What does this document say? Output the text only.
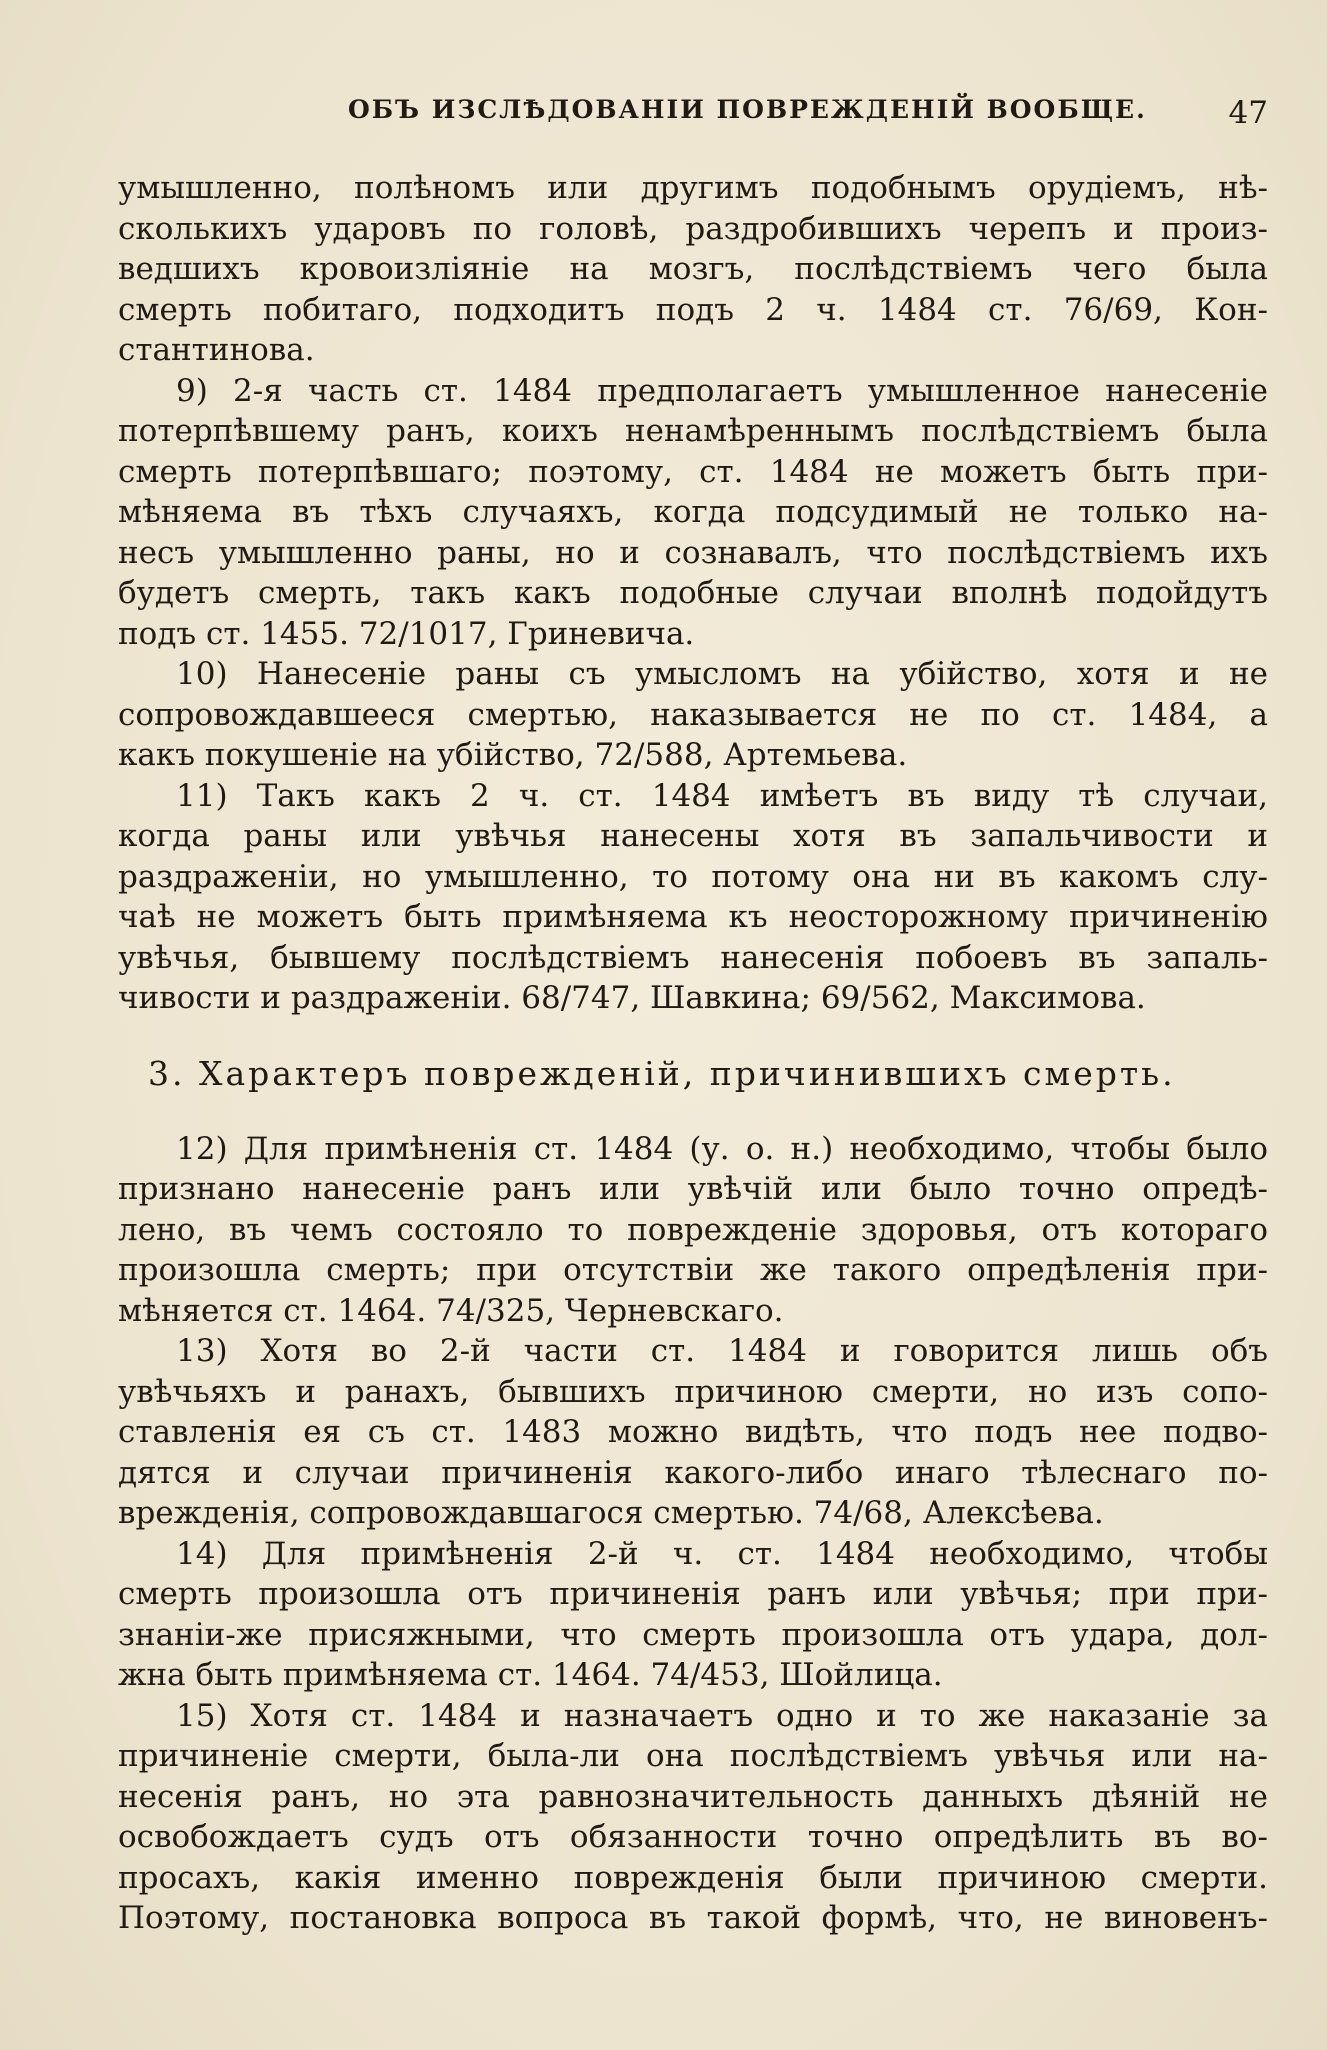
ОБЪ ИЗСЛѢДОВАНІИ ПОВРЕЖДЕНІЙ ВООБЩЕ.	47
умышленно, полѣномъ или другимъ подобнымъ орудіемъ, нѣ-
сколькихъ ударовъ по головѣ, раздробившихъ черепъ и произ-
ведшихъ кровоизліяніе на мозгъ, послѣдствіемъ чего была
смерть побитаго, подходитъ подъ 2 ч. 1484 ст. 76/69, Кон-
стантинова.
9) 2-я часть ст. 1484 предполагаетъ умышленное нанесеніе
потерпѣвшему ранъ, коихъ ненамѣреннымъ послѣдствіемъ была
смерть потерпѣвшаго; поэтому, ст. 1484 не можетъ быть при-
мѣняема въ тѣхъ случаяхъ, когда подсудимый не только на-
несъ умышленно раны, но и сознавалъ, что послѣдствіемъ ихъ
будетъ смерть, такъ какъ подобные случаи вполнѣ подойдутъ
подъ ст. 1455. 72/1017, Гриневича.
10) Нанесеніе раны съ умысломъ на убійство, хотя и не
сопровождавшееся смертью, наказывается не по ст. 1484, а
какъ покушеніе на убійство, 72/588, Артемьева.
11) Такъ какъ 2 ч. ст. 1484 имѣетъ въ виду тѣ случаи,
когда раны или увѣчья нанесены хотя въ запальчивости и
раздраженіи, но умышленно, то потому она ни въ какомъ слу-
чаѣ не можетъ быть примѣняема къ неосторожному причиненію
увѣчья, бывшему послѣдствіемъ нанесенія побоевъ въ запаль-
чивости и раздраженіи. 68/747, Шавкина; 69/562, Максимова.
3. Характеръ поврежденій, причинившихъ смерть.
12) Для примѣненія ст. 1484 (у. о. н.) необходимо, чтобы было
признано нанесеніе ранъ или увѣчій или было точно опредѣ-
лено, въ чемъ состояло то поврежденіе здоровья, отъ котораго
произошла смерть; при отсутствіи же такого опредѣленія при-
мѣняется ст. 1464. 74/325, Черневскаго.
13) Хотя во 2-й части ст. 1484 и говорится лишь объ
увѣчьяхъ и ранахъ, бывшихъ причиною смерти, но изъ сопо-
ставленія ея съ ст. 1483 можно видѣть, что подъ нее подво-
дятся и случаи причиненія какого-либо инаго тѣлеснаго по-
врежденія, сопровождавшагося смертью. 74/68, Алексѣева.
14) Для примѣненія 2-й ч. ст. 1484 необходимо, чтобы
смерть произошла отъ причиненія ранъ или увѣчья; при при-
знаніи-же присяжными, что смерть произошла отъ удара, дол-
жна быть примѣняема ст. 1464. 74/453, Шойлица.
15) Хотя ст. 1484 и назначаетъ одно и то же наказаніе за
причиненіе смерти, была-ли она послѣдствіемъ увѣчья или на-
несенія ранъ, но эта равнозначительность данныхъ дѣяній не
освобождаетъ судъ отъ обязанности точно опредѣлить въ во-
просахъ, какія именно поврежденія были причиною смерти.
Поэтому, постановка вопроса въ такой формѣ, что, не виновенъ-
